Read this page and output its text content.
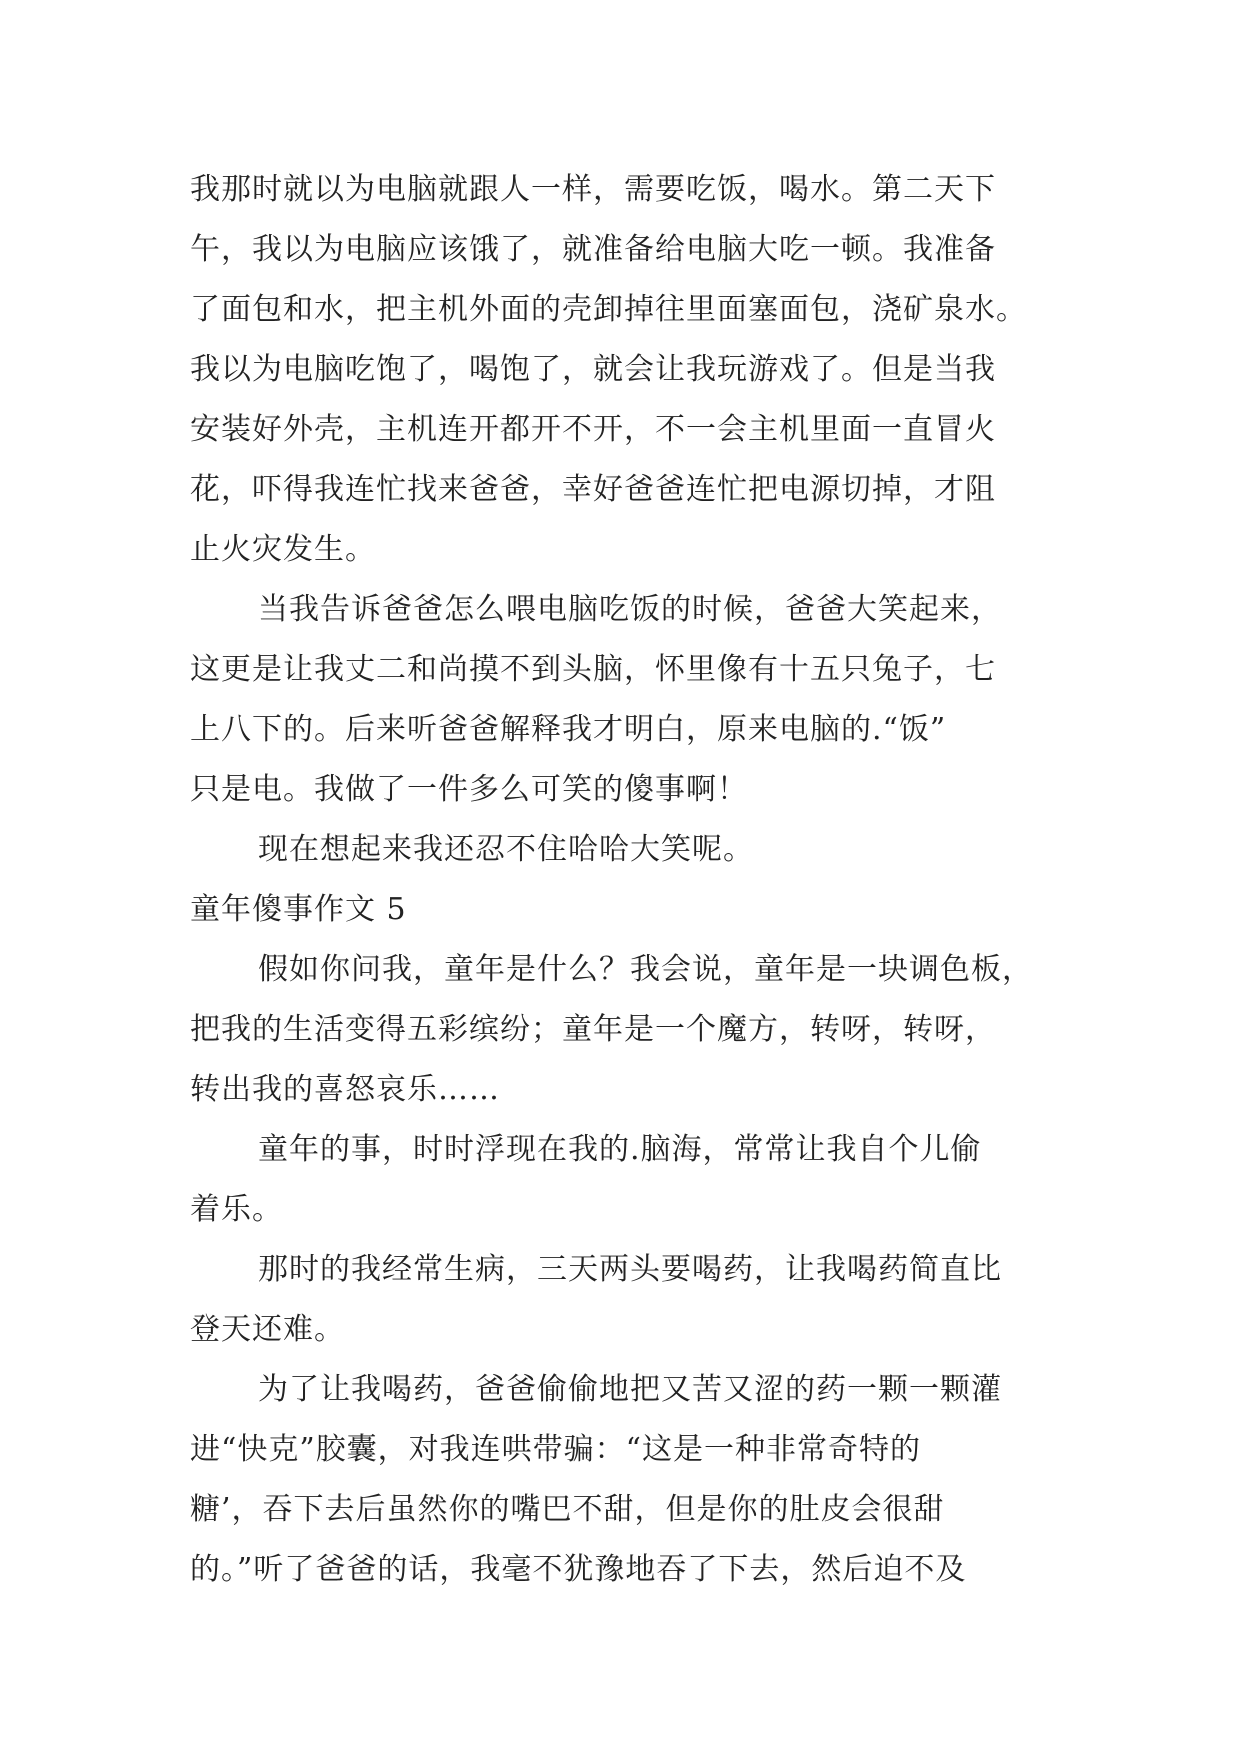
我那时就以为电脑就跟人一样，需要吃饭，喝水。第二天下
午，我以为电脑应该饿了，就准备给电脑大吃一顿。我准备
了面包和水，把主机外面的壳卸掉往里面塞面包，浇矿泉水。
我以为电脑吃饱了，喝饱了，就会让我玩游戏了。但是当我
安装好外壳，主机连开都开不开，不一会主机里面一直冒火
花，吓得我连忙找来爸爸，幸好爸爸连忙把电源切掉，才阻
止火灾发生。
当我告诉爸爸怎么喂电脑吃饭的时候，爸爸大笑起来，
这更是让我丈二和尚摸不到头脑，怀里像有十五只兔子，七
上八下的。后来听爸爸解释我才明白，原来电脑的.“饭”
只是电。我做了一件多么可笑的傻事啊！
现在想起来我还忍不住哈哈大笑呢。
童年傻事作文 5
假如你问我，童年是什么？我会说，童年是一块调色板，
把我的生活变得五彩缤纷；童年是一个魔方，转呀，转呀，
转出我的喜怒哀乐……
童年的事，时时浮现在我的.脑海，常常让我自个儿偷
着乐。
那时的我经常生病，三天两头要喝药，让我喝药简直比
登天还难。
为了让我喝药，爸爸偷偷地把又苦又涩的药一颗一颗灌
进“快克”胶囊，对我连哄带骗：“这是一种非常奇特的
糖’，吞下去后虽然你的嘴巴不甜，但是你的肚皮会很甜
的。”听了爸爸的话，我毫不犹豫地吞了下去，然后迫不及
